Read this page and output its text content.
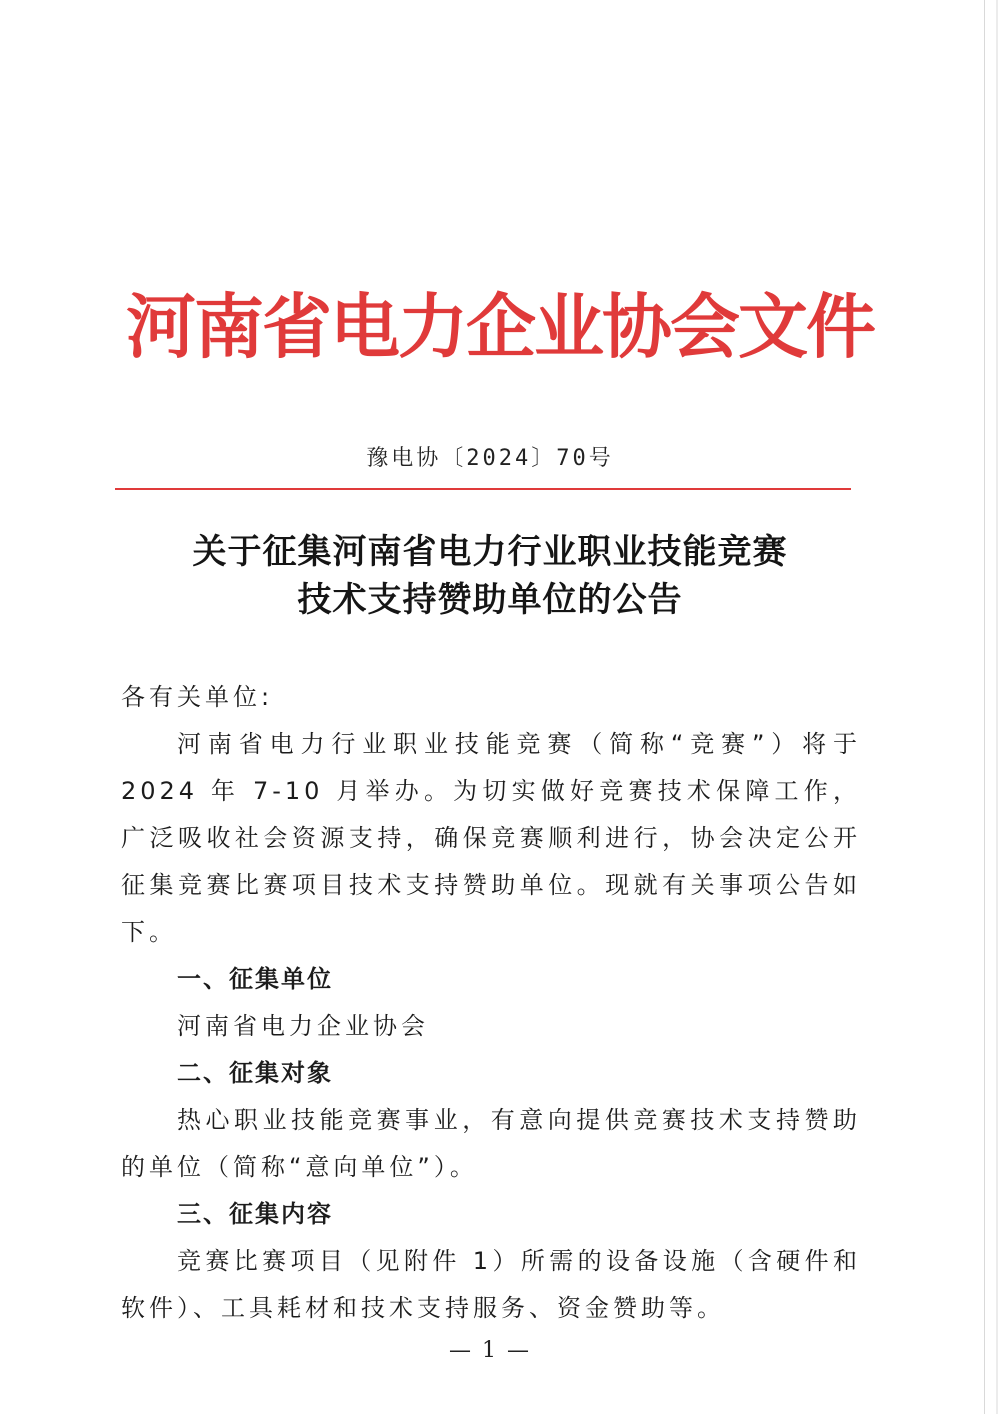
河南省电力企业协会文件
豫电协〔2024〕70号
关于征集河南省电力行业职业技能竞赛
技术支持赞助单位的公告

各有关单位:

河南省电力行业职业技能竞赛（简称“竞赛”）将于 2024 年 7-10 月举办。为切实做好竞赛技术保障工作，广泛吸收社会资源支持，确保竞赛顺利进行，协会决定公开征集竞赛比赛项目技术支持赞助单位。现就有关事项公告如下。

一、征集单位

河南省电力企业协会

二、征集对象

热心职业技能竞赛事业，有意向提供竞赛技术支持赞助的单位（简称“意向单位”）。

三、征集内容

竞赛比赛项目（见附件 1）所需的设备设施（含硬件和软件）、工具耗材和技术支持服务、资金赞助等。

— 1 —
